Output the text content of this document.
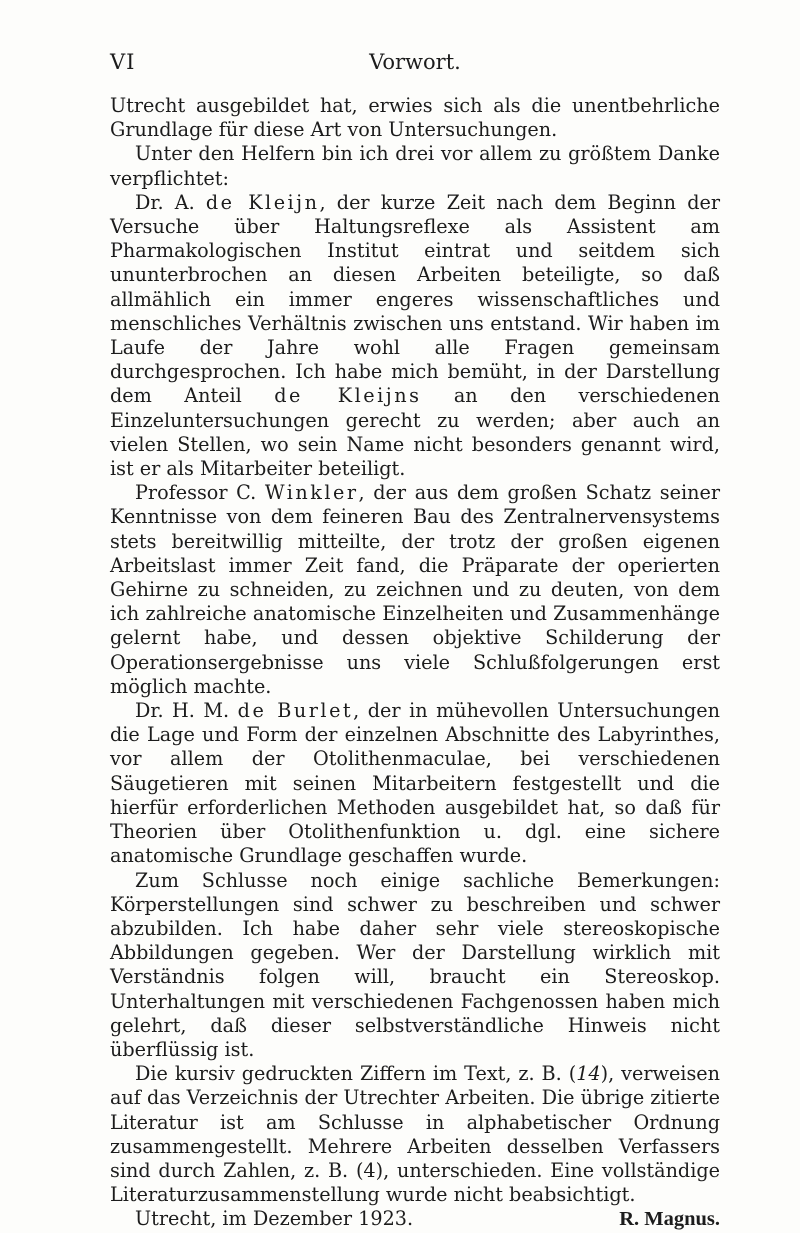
VI	Vorwort.

Utrecht ausgebildet hat, erwies sich als die unentbehrliche Grundlage für diese Art von Untersuchungen.

Unter den Helfern bin ich drei vor allem zu größtem Danke verpflichtet:

Dr. A. de Kleijn, der kurze Zeit nach dem Beginn der Versuche über Haltungsreflexe als Assistent am Pharmakologischen Institut eintrat und seitdem sich ununterbrochen an diesen Arbeiten beteiligte, so daß allmählich ein immer engeres wissenschaftliches und menschliches Verhältnis zwischen uns entstand. Wir haben im Laufe der Jahre wohl alle Fragen gemeinsam durchgesprochen. Ich habe mich bemüht, in der Darstellung dem Anteil de Kleijns an den verschiedenen Einzeluntersuchungen gerecht zu werden; aber auch an vielen Stellen, wo sein Name nicht besonders genannt wird, ist er als Mitarbeiter beteiligt.

Professor C. Winkler, der aus dem großen Schatz seiner Kenntnisse von dem feineren Bau des Zentralnervensystems stets bereitwillig mitteilte, der trotz der großen eigenen Arbeitslast immer Zeit fand, die Präparate der operierten Gehirne zu schneiden, zu zeichnen und zu deuten, von dem ich zahlreiche anatomische Einzelheiten und Zusammenhänge gelernt habe, und dessen objektive Schilderung der Operationsergebnisse uns viele Schlußfolgerungen erst möglich machte.

Dr. H. M. de Burlet, der in mühevollen Untersuchungen die Lage und Form der einzelnen Abschnitte des Labyrinthes, vor allem der Otolithenmaculae, bei verschiedenen Säugetieren mit seinen Mitarbeitern festgestellt und die hierfür erforderlichen Methoden ausgebildet hat, so daß für Theorien über Otolithenfunktion u. dgl. eine sichere anatomische Grundlage geschaffen wurde.

Zum Schlusse noch einige sachliche Bemerkungen: Körperstellungen sind schwer zu beschreiben und schwer abzubilden. Ich habe daher sehr viele stereoskopische Abbildungen gegeben. Wer der Darstellung wirklich mit Verständnis folgen will, braucht ein Stereoskop. Unterhaltungen mit verschiedenen Fachgenossen haben mich gelehrt, daß dieser selbstverständliche Hinweis nicht überflüssig ist.

Die kursiv gedruckten Ziffern im Text, z. B. (14), verweisen auf das Verzeichnis der Utrechter Arbeiten. Die übrige zitierte Literatur ist am Schlusse in alphabetischer Ordnung zusammengestellt. Mehrere Arbeiten desselben Verfassers sind durch Zahlen, z. B. (4), unterschieden. Eine vollständige Literaturzusammenstellung wurde nicht beabsichtigt.

Utrecht, im Dezember 1923.	R. Magnus.
